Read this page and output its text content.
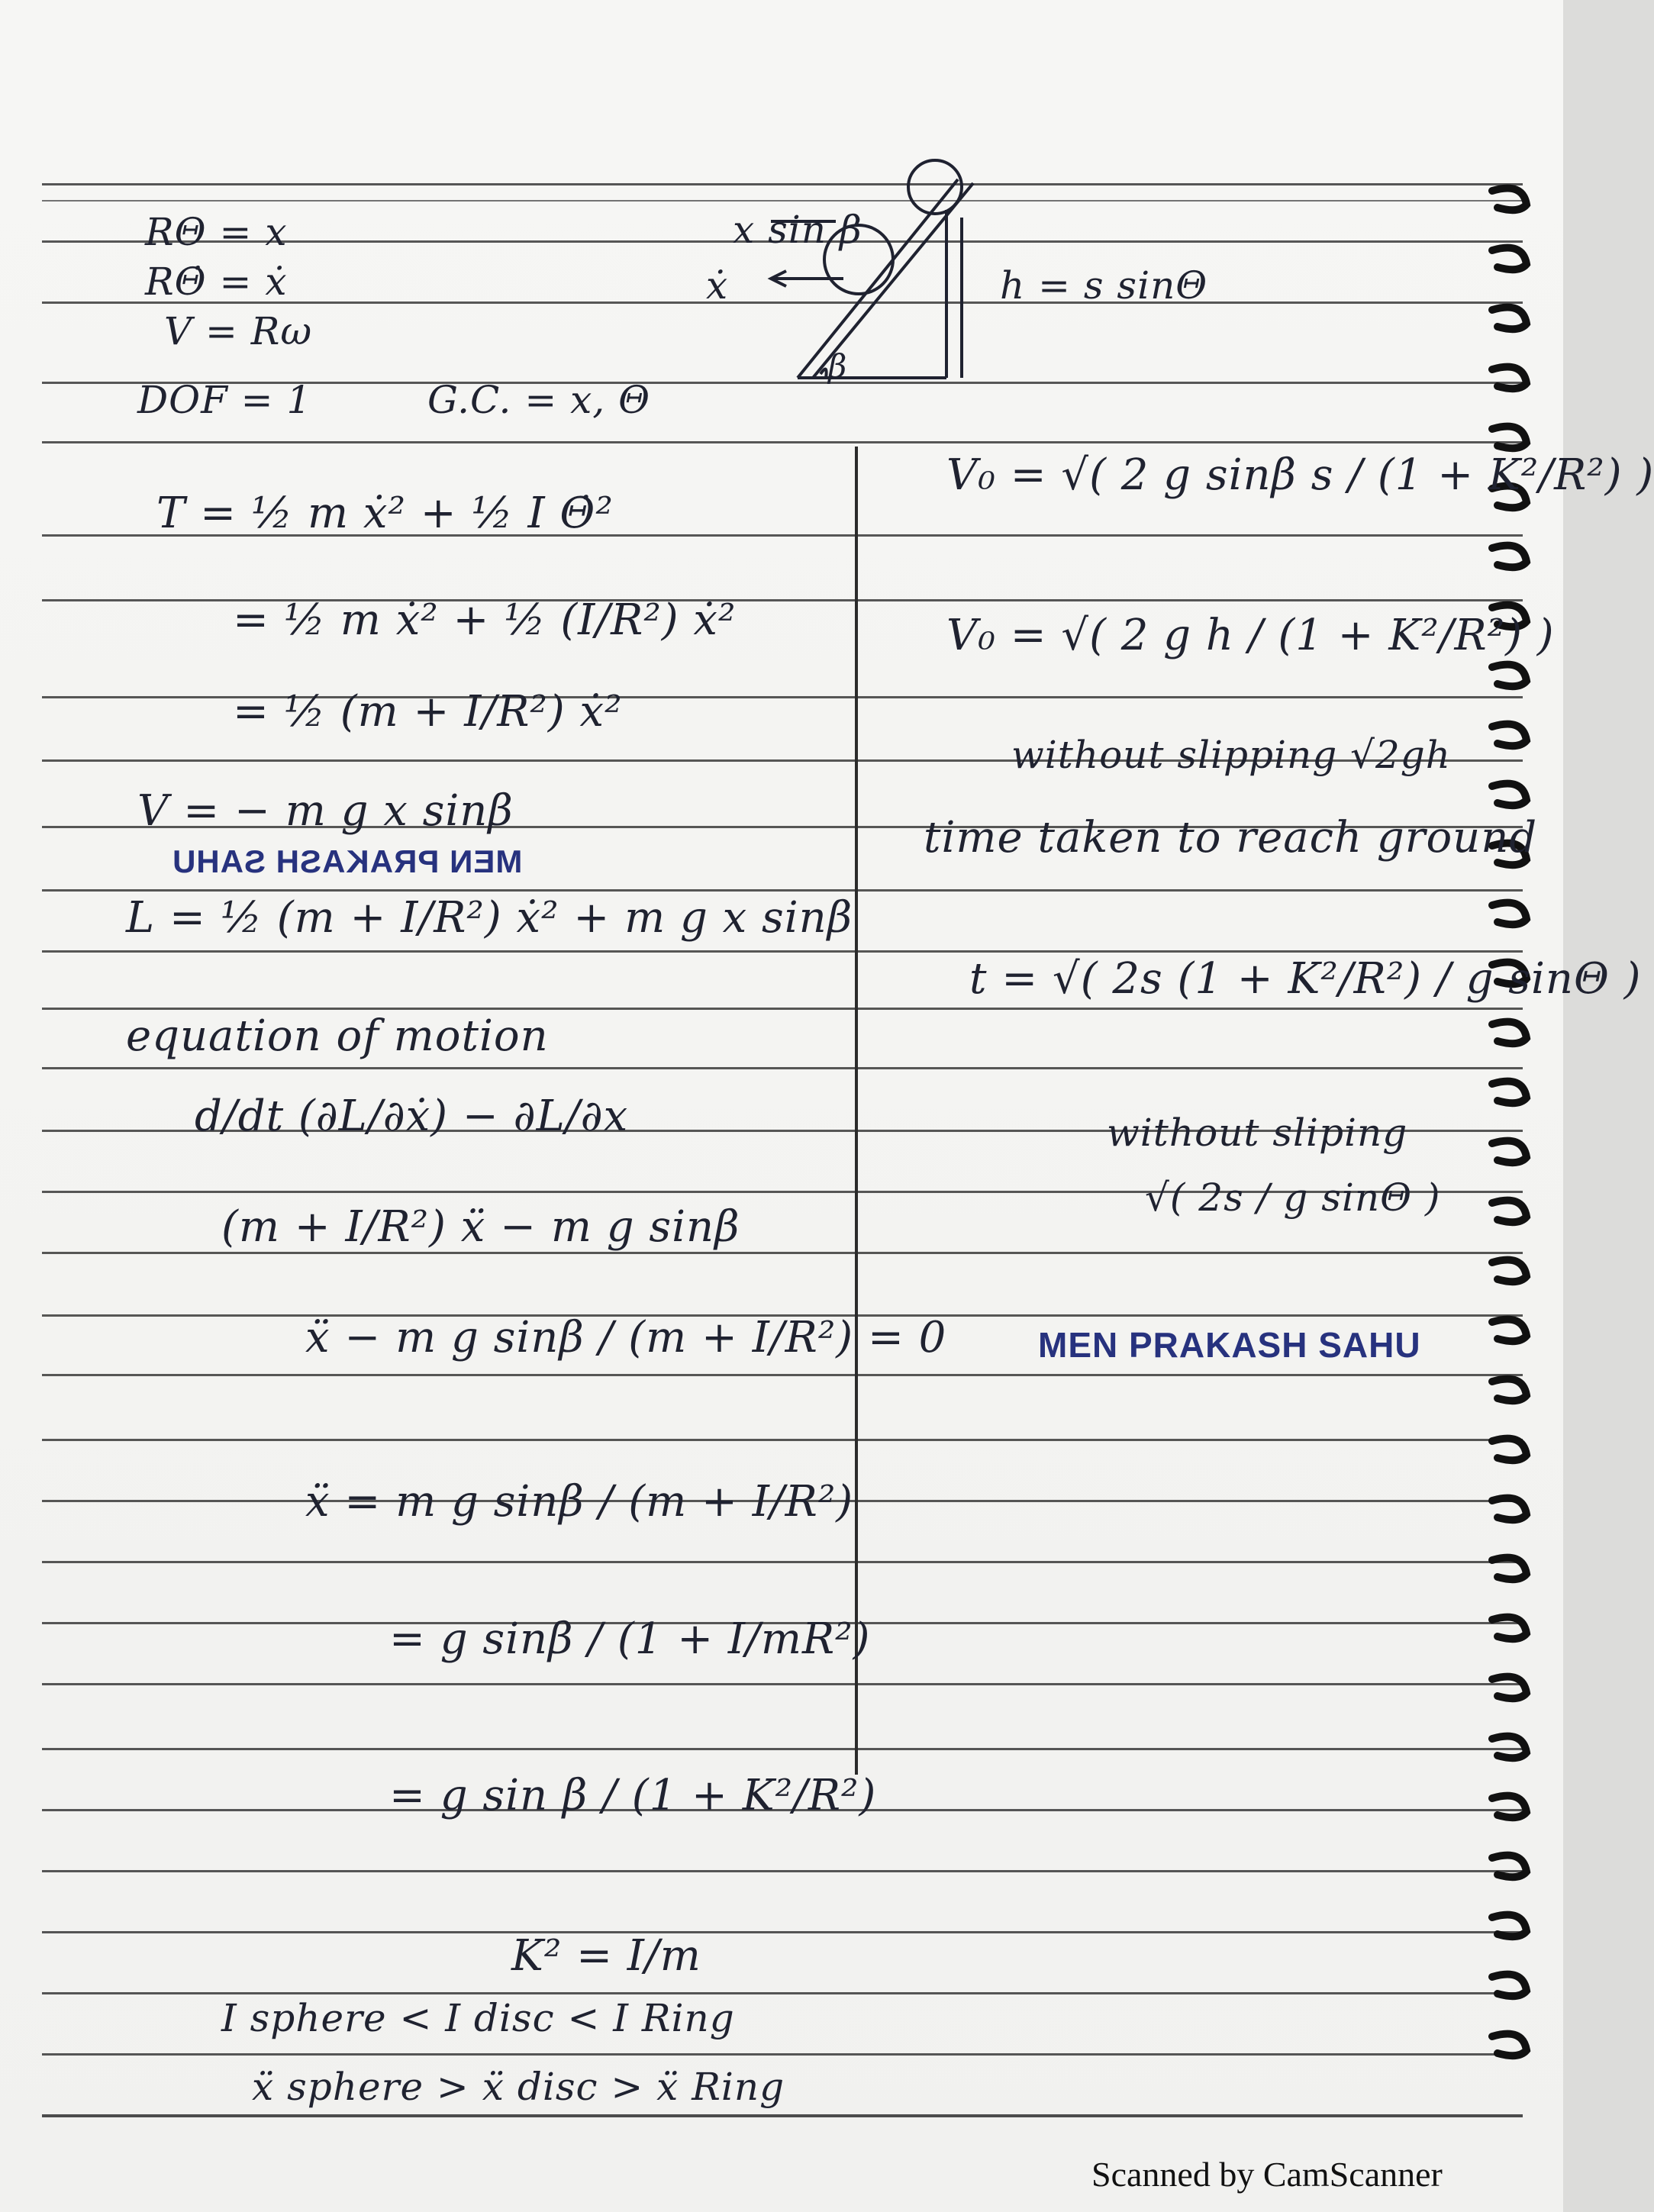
RΘ = x
RΘ̇ = ẋ
V = Rω
DOF = 1	G.C. = x, Θ
x sin β
ẋ
β
h = s sinΘ
T = ½ m ẋ² + ½ I Θ̇²
= ½ m ẋ² + ½ (I/R²) ẋ²
= ½ (m + I/R²) ẋ²
V = − m g x sinβ
MEN PRAKASH SAHU
L = ½ (m + I/R²) ẋ² + m g x sinβ
equation of motion
d/dt (∂L/∂ẋ) − ∂L/∂x
(m + I/R²) ẍ − m g sinβ
ẍ − m g sinβ / (m + I/R²) = 0
ẍ = m g sinβ / (m + I/R²)
= g sinβ / (1 + I/mR²)
= g sin β / (1 + K²/R²)
K² = I/m
I sphere < I disc < I Ring
ẍ sphere > ẍ disc > ẍ Ring
V₀ = √( 2 g sinβ s / (1 + K²/R²) )
V₀ = √( 2 g h / (1 + K²/R²) )
without slipping √2gh
time taken to reach ground
t = √( 2s (1 + K²/R²) / g sinΘ )
without sliping
√( 2s / g sinΘ )
MEN PRAKASH SAHU
Scanned by CamScanner
